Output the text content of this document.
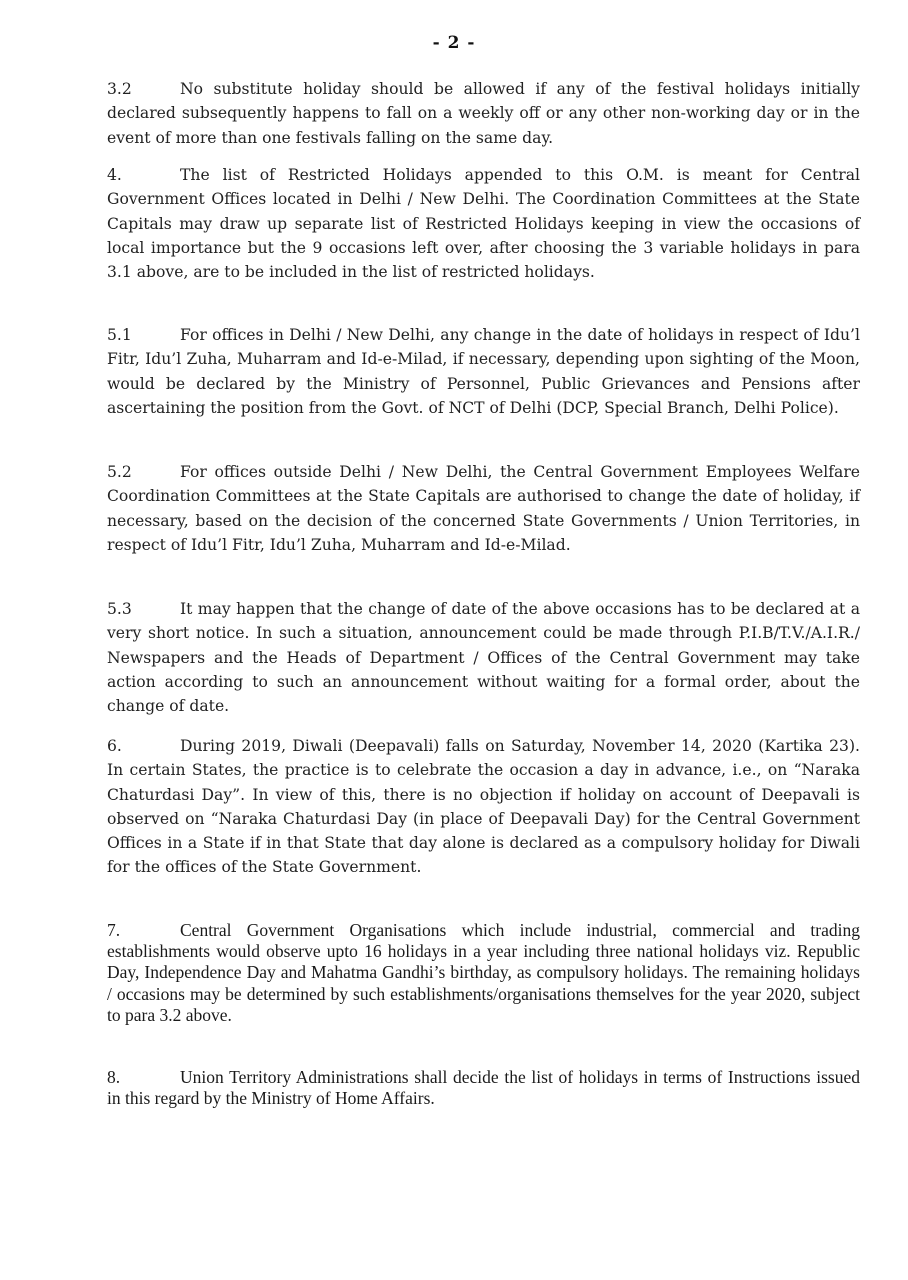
- 2 -
3.2	No substitute holiday should be allowed if any of the festival holidays initially declared subsequently happens to fall on a weekly off or any other non-working day or in the event of more than one festivals falling on the same day.
4.	The list of Restricted Holidays appended to this O.M. is meant for Central Government Offices located in Delhi / New Delhi. The Coordination Committees at the State Capitals may draw up separate list of Restricted Holidays keeping in view the occasions of local importance but the 9 occasions left over, after choosing the 3 variable holidays in para 3.1 above, are to be included in the list of restricted holidays.
5.1	For offices in Delhi / New Delhi, any change in the date of holidays in respect of Idu’l Fitr, Idu’l Zuha, Muharram and Id-e-Milad, if necessary, depending upon sighting of the Moon, would be declared by the Ministry of Personnel, Public Grievances and Pensions after ascertaining the position from the Govt. of NCT of Delhi (DCP, Special Branch, Delhi Police).
5.2	For offices outside Delhi / New Delhi, the Central Government Employees Welfare Coordination Committees at the State Capitals are authorised to change the date of holiday, if necessary, based on the decision of the concerned State Governments / Union Territories, in respect of Idu’l Fitr, Idu’l Zuha, Muharram and Id-e-Milad.
5.3	It may happen that the change of date of the above occasions has to be declared at a very short notice. In such a situation, announcement could be made through P.I.B/T.V./A.I.R./ Newspapers and the Heads of Department / Offices of the Central Government may take action according to such an announcement without waiting for a formal order, about the change of date.
6.	During 2019, Diwali (Deepavali) falls on Saturday, November 14, 2020 (Kartika 23). In certain States, the practice is to celebrate the occasion a day in advance, i.e., on “Naraka Chaturdasi Day”. In view of this, there is no objection if holiday on account of Deepavali is observed on “Naraka Chaturdasi Day (in place of Deepavali Day) for the Central Government Offices in a State if in that State that day alone is declared as a compulsory holiday for Diwali for the offices of the State Government.
7.	Central Government Organisations which include industrial, commercial and trading establishments would observe upto 16 holidays in a year including three national holidays viz. Republic Day, Independence Day and Mahatma Gandhi’s birthday, as compulsory holidays. The remaining holidays / occasions may be determined by such establishments/organisations themselves for the year 2020, subject to para 3.2 above.
8.	Union Territory Administrations shall decide the list of holidays in terms of Instructions issued in this regard by the Ministry of Home Affairs.
